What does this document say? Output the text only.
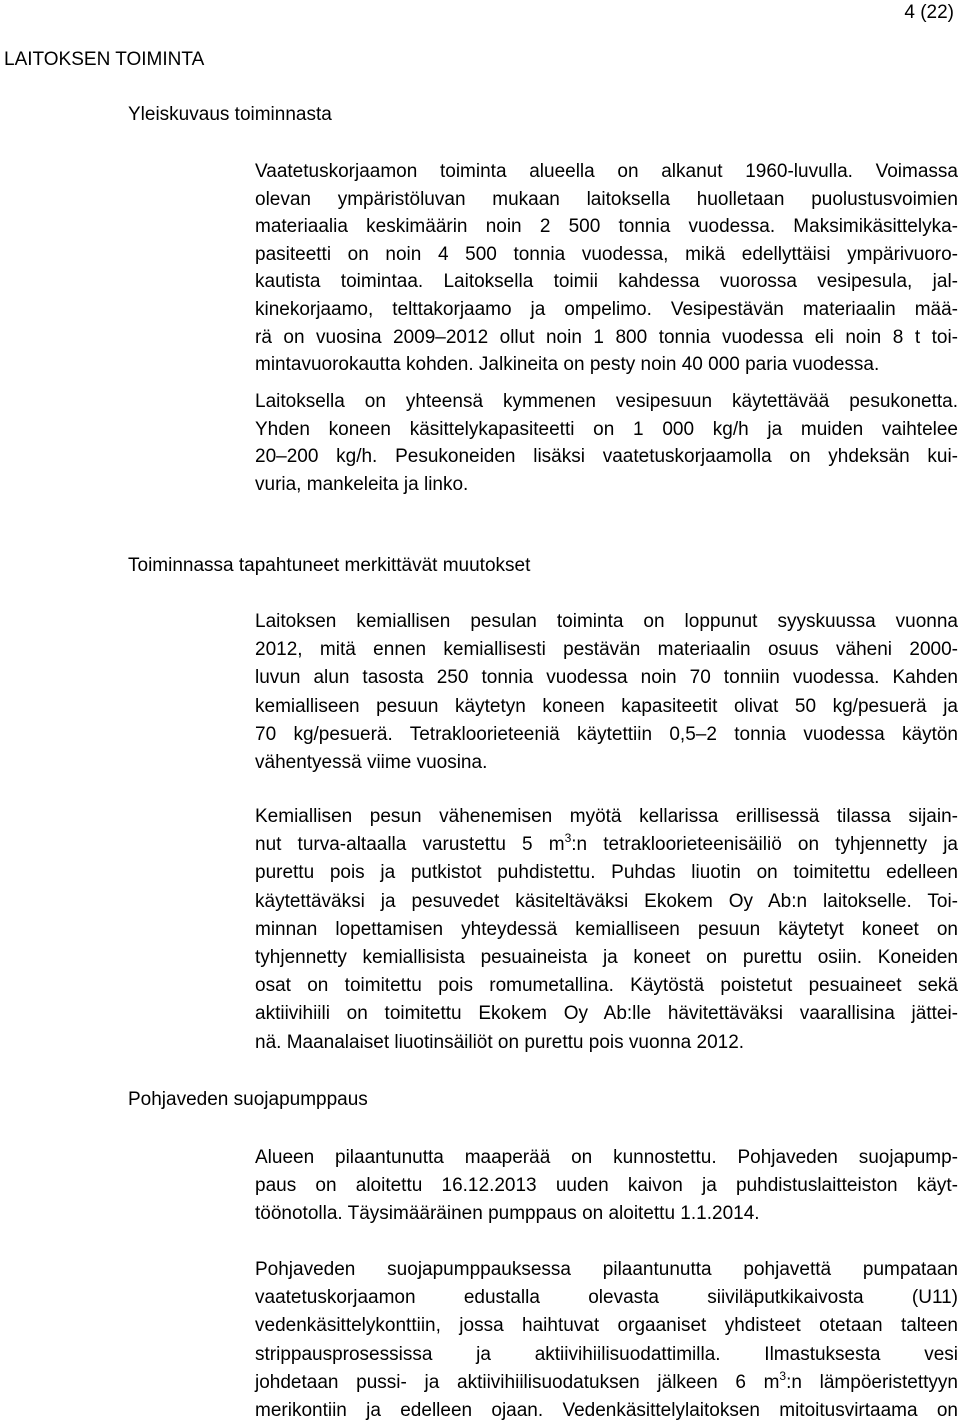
4 (22)
LAITOKSEN TOIMINTA
Yleiskuvaus toiminnasta
Vaatetuskorjaamon toiminta alueella on alkanut 1960-luvulla. Voimassa
olevan ympäristöluvan mukaan laitoksella huolletaan puolustusvoimien
materiaalia keskimäärin noin 2 500 tonnia vuodessa. Maksimikäsittelyka-
pasiteetti on noin 4 500 tonnia vuodessa, mikä edellyttäisi ympärivuoro-
kautista toimintaa. Laitoksella toimii kahdessa vuorossa vesipesula, jal-
kinekorjaamo, telttakorjaamo ja ompelimo. Vesipestävän materiaalin mää-
rä on vuosina 2009–2012 ollut noin 1 800 tonnia vuodessa eli noin 8 t toi-
mintavuorokautta kohden. Jalkineita on pesty noin 40 000 paria vuodessa.
Laitoksella on yhteensä kymmenen vesipesuun käytettävää pesukonetta.
Yhden koneen käsittelykapasiteetti on 1 000 kg/h ja muiden vaihtelee
20–200 kg/h. Pesukoneiden lisäksi vaatetuskorjaamolla on yhdeksän kui-
vuria, mankeleita ja linko.
Toiminnassa tapahtuneet merkittävät muutokset
Laitoksen kemiallisen pesulan toiminta on loppunut syyskuussa vuonna
2012, mitä ennen kemiallisesti pestävän materiaalin osuus väheni 2000-
luvun alun tasosta 250 tonnia vuodessa noin 70 tonniin vuodessa. Kahden
kemialliseen pesuun käytetyn koneen kapasiteetit olivat 50 kg/pesuerä ja
70 kg/pesuerä. Tetrakloorieteeniä käytettiin 0,5–2 tonnia vuodessa käytön
vähentyessä viime vuosina.
Kemiallisen pesun vähenemisen myötä kellarissa erillisessä tilassa sijain-
nut turva-altaalla varustettu 5 $m^3:n$ tetrakloorieteenisäiliö on tyhjennetty ja
purettu pois ja putkistot puhdistettu. Puhdas liuotin on toimitettu edelleen
käytettäväksi ja pesuvedet käsiteltäväksi Ekokem Oy Ab:n laitokselle. Toi-
minnan lopettamisen yhteydessä kemialliseen pesuun käytetyt koneet on
tyhjennetty kemiallisista pesuaineista ja koneet on purettu osiin. Koneiden
osat on toimitettu pois romumetallina. Käytöstä poistetut pesuaineet sekä
aktiivihiili on toimitettu Ekokem Oy Ab:lle hävitettäväksi vaarallisina jättei-
nä. Maanalaiset liuotinsäiliöt on purettu pois vuonna 2012.
Pohjaveden suojapumppaus
Alueen pilaantunutta maaperää on kunnostettu. Pohjaveden suojapump-
paus on aloitettu 16.12.2013 uuden kaivon ja puhdistuslaitteiston käyt-
töönotolla. Täysimääräinen pumppaus on aloitettu 1.1.2014.
Pohjaveden suojapumppauksessa pilaantunutta pohjavettä pumpataan
vaatetuskorjaamon edustalla olevasta siiviläputkikaivosta (U11)
vedenkäsittelykonttiin, jossa haihtuvat orgaaniset yhdisteet otetaan talteen
strippausprosessissa ja aktiivihiilisuodattimilla. Ilmastuksesta vesi
johdetaan pussi- ja aktiivihiilisuodatuksen jälkeen 6 $m^3:n$ lämpöeristettyyn
merikontiin ja edelleen ojaan. Vedenkäsittelylaitoksen mitoitusvirtaama on
